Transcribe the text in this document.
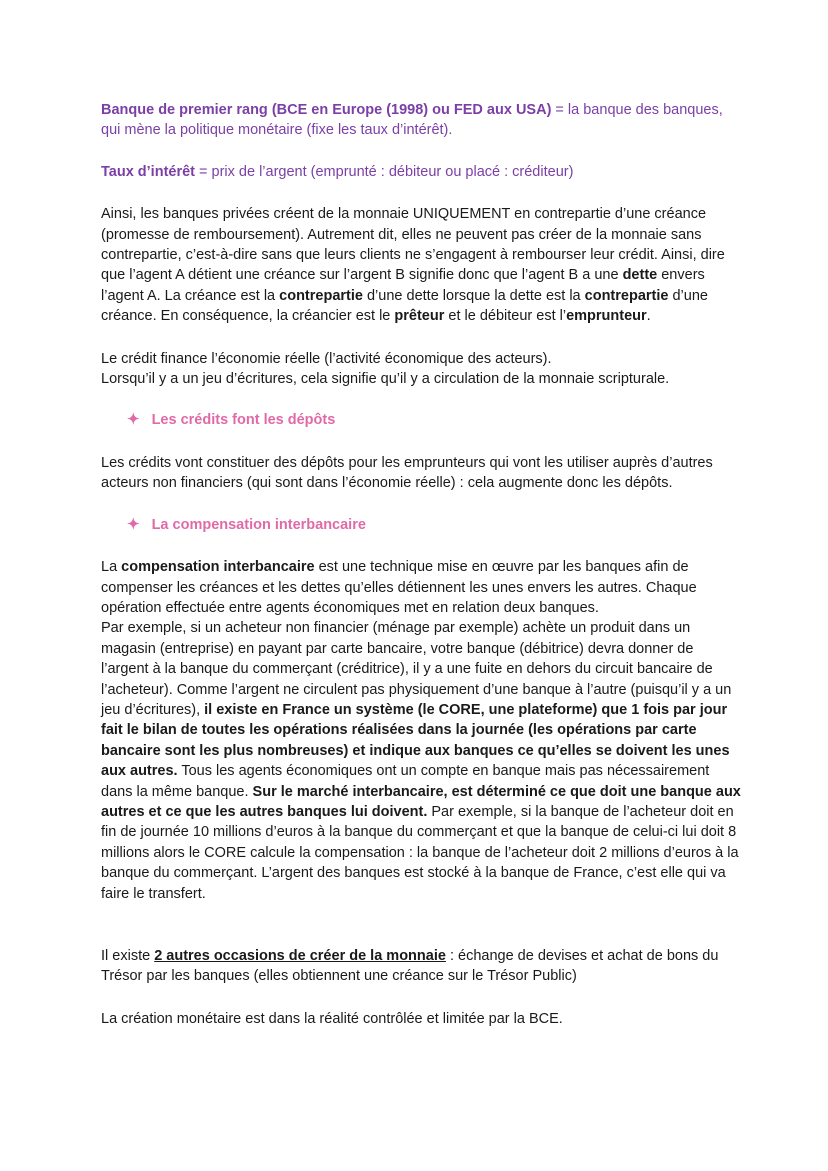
Banque de premier rang (BCE en Europe (1998) ou FED aux USA) = la banque des banques, qui mène la politique monétaire (fixe les taux d’intérêt).

Taux d’intérêt = prix de l’argent (emprunté : débiteur ou placé : créditeur)

Ainsi, les banques privées créent de la monnaie UNIQUEMENT en contrepartie d’une créance (promesse de remboursement). Autrement dit, elles ne peuvent pas créer de la monnaie sans contrepartie, c’est-à-dire sans que leurs clients ne s’engagent à rembourser leur crédit. Ainsi, dire que l’agent A détient une créance sur l’argent B signifie donc que l’agent B a une dette envers l’agent A. La créance est la contrepartie d’une dette lorsque la dette est la contrepartie d’une créance. En conséquence, la créancier est le prêteur et le débiteur est l’emprunteur.

Le crédit finance l’économie réelle (l’activité économique des acteurs).
Lorsqu’il y a un jeu d’écritures, cela signifie qu’il y a circulation de la monnaie scripturale.

✦ Les crédits font les dépôts

Les crédits vont constituer des dépôts pour les emprunteurs qui vont les utiliser auprès d’autres acteurs non financiers (qui sont dans l’économie réelle) : cela augmente donc les dépôts.

✦ La compensation interbancaire

La compensation interbancaire est une technique mise en œuvre par les banques afin de compenser les créances et les dettes qu’elles détiennent les unes envers les autres. Chaque opération effectuée entre agents économiques met en relation deux banques.
Par exemple, si un acheteur non financier (ménage par exemple) achète un produit dans un magasin (entreprise) en payant par carte bancaire, votre banque (débitrice) devra donner de l’argent à la banque du commerçant (créditrice), il y a une fuite en dehors du circuit bancaire de l’acheteur). Comme l’argent ne circulent pas physiquement d’une banque à l’autre (puisqu’il y a un jeu d’écritures), il existe en France un système (le CORE, une plateforme) que 1 fois par jour fait le bilan de toutes les opérations réalisées dans la journée (les opérations par carte bancaire sont les plus nombreuses) et indique aux banques ce qu’elles se doivent les unes aux autres. Tous les agents économiques ont un compte en banque mais pas nécessairement dans la même banque. Sur le marché interbancaire, est déterminé ce que doit une banque aux autres et ce que les autres banques lui doivent. Par exemple, si la banque de l’acheteur doit en fin de journée 10 millions d’euros à la banque du commerçant et que la banque de celui-ci lui doit 8 millions alors le CORE calcule la compensation : la banque de l’acheteur doit 2 millions d’euros à la banque du commerçant. L’argent des banques est stocké à la banque de France, c’est elle qui va faire le transfert.

Il existe 2 autres occasions de créer de la monnaie : échange de devises et achat de bons du Trésor par les banques (elles obtiennent une créance sur le Trésor Public)

La création monétaire est dans la réalité contrôlée et limitée par la BCE.
